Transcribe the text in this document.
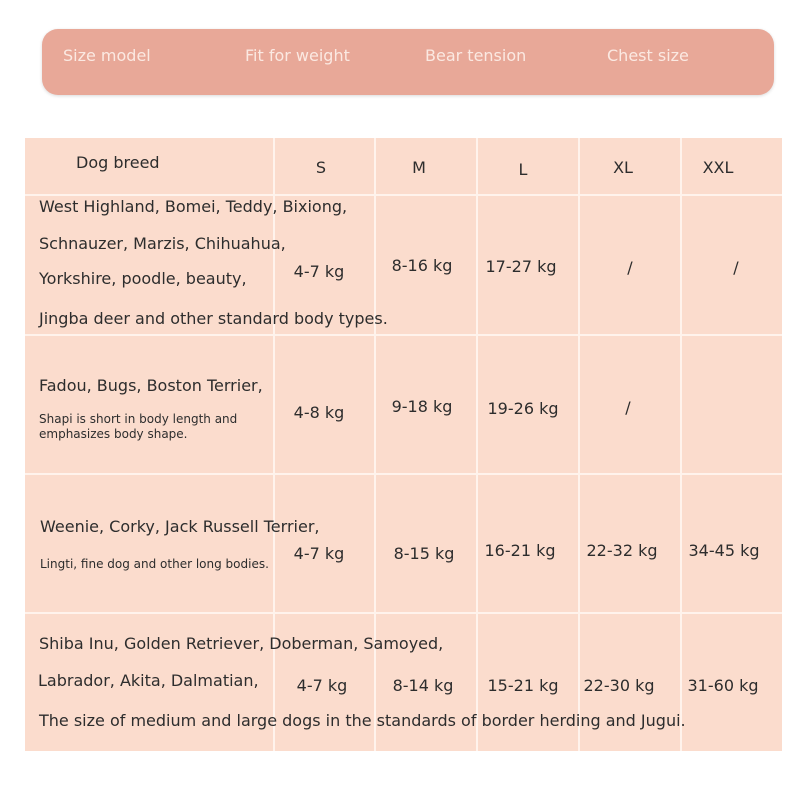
Size model	Fit for weight	Bear tension	Chest size
Dog breed	S	M	L	XL	XXL
West Highland, Bomei, Teddy, Bixiong,
Schnauzer, Marzis, Chihuahua,
Yorkshire, poodle, beauty,
Jingba deer and other standard body types.
4-7 kg	8-16 kg 17-27 kg	/	/
Fadou, Bugs, Boston Terrier,
Shapi is short in body length and
emphasizes body shape.
4-8 kg	9-18 kg 19-26 kg	/
Weenie, Corky, Jack Russell Terrier,
Lingti, fine dog and other long bodies.
4-7 kg	8-15 kg 16-21 kg 22-32 kg 34-45 kg
Shiba Inu, Golden Retriever, Doberman, Samoyed,
Labrador, Akita, Dalmatian,
The size of medium and large dogs in the standards of border herding and Jugui.
4-7 kg	8-14 kg 15-21 kg 22-30 kg 31-60 kg
